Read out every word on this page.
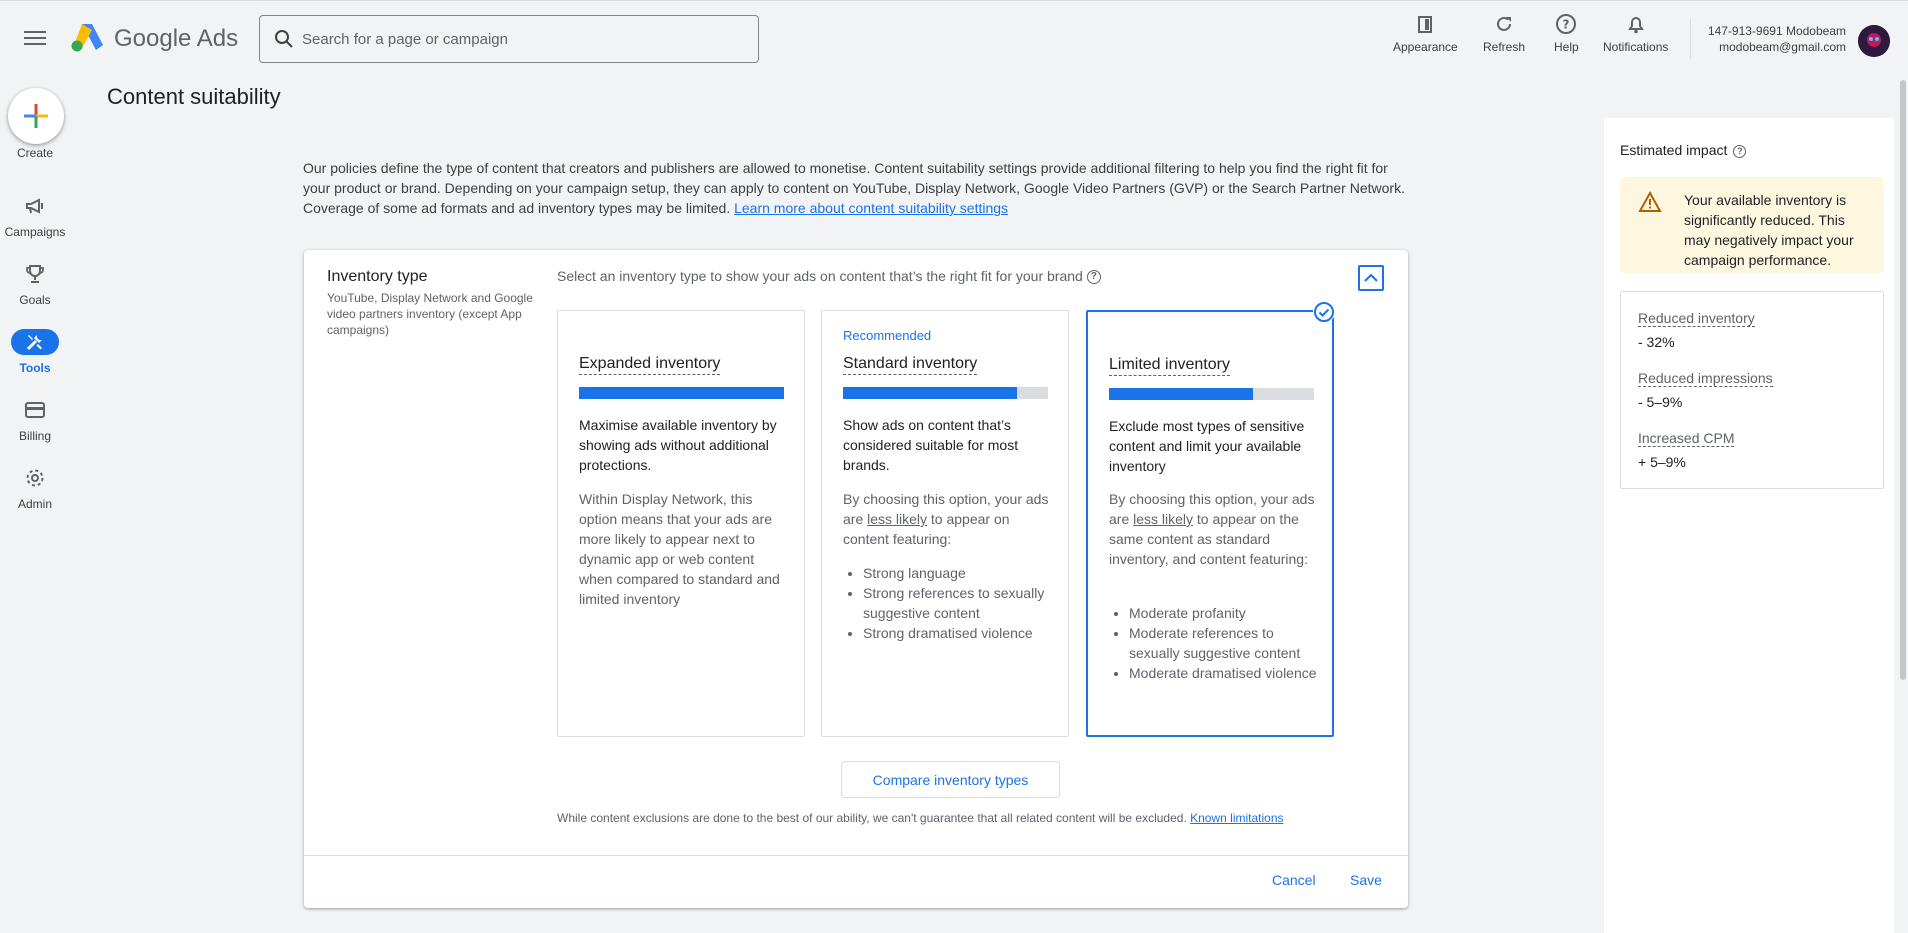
Google Ads
Search for a page or campaign	Appearance Refresh
?
Help Notifications
147-913-9691 Modobeam
modobeam@gmail.com
Create
Campaigns
Goals
Tools
Billing
Admin
Content suitability
Our policies define the type of content that creators and publishers are allowed to monetise. Content suitability settings provide additional filtering to help you find the right fit for your product or brand. Depending on your campaign setup, they can apply to content on YouTube, Display Network, Google Video Partners (GVP) or the Search Partner Network. Coverage of some ad formats and ad inventory types may be limited. Learn more about content suitability settings
Inventory type
YouTube, Display Network and Google video partners inventory (except App campaigns)
Select an inventory type to show your ads on content that’s the right fit for your brand ?
Expanded inventory
Maximise available inventory by showing ads without additional protections.
Within Display Network, this option means that your ads are more likely to appear next to dynamic app or web content when compared to standard and limited inventory
Recommended
Standard inventory
Show ads on content that’s considered suitable for most brands.
By choosing this option, your ads are less likely to appear on content featuring:
• Strong language
• Strong references to sexually suggestive content
• Strong dramatised violence
Limited inventory
Exclude most types of sensitive content and limit your available inventory
By choosing this option, your ads are less likely to appear on the same content as standard inventory, and content featuring:
• Moderate profanity
• Moderate references to sexually suggestive content
• Moderate dramatised violence
Compare inventory types
While content exclusions are done to the best of our ability, we can't guarantee that all related content will be excluded. Known limitations
Cancel Save
Estimated impact ?
Your available inventory is significantly reduced. This may negatively impact your campaign performance.
Reduced inventory
- 32%
Reduced impressions
- 5–9%
Increased CPM
+ 5–9%
